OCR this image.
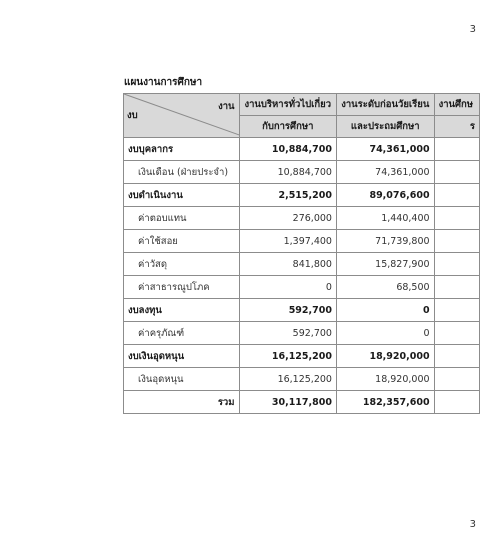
3
แผนงานการศึกษา
งาน
งบ	งานบริหารทั่วไปเกี่ยว	งานระดับก่อนวัยเรียน	งานศึกษ
	กับการศึกษา	และประถมศึกษา	ร
งบบุคลากร	10,884,700	74,361,000	
เงินเดือน (ฝ่ายประจำ)	10,884,700	74,361,000	
งบดำเนินงาน	2,515,200	89,076,600	
ค่าตอบแทน	276,000	1,440,400	
ค่าใช้สอย	1,397,400	71,739,800	
ค่าวัสดุ	841,800	15,827,900	
ค่าสาธารณูปโภค	0	68,500	
งบลงทุน	592,700	0	
ค่าครุภัณฑ์	592,700	0	
งบเงินอุดหนุน	16,125,200	18,920,000	
เงินอุดหนุน	16,125,200	18,920,000	
รวม	30,117,800	182,357,600	
3
